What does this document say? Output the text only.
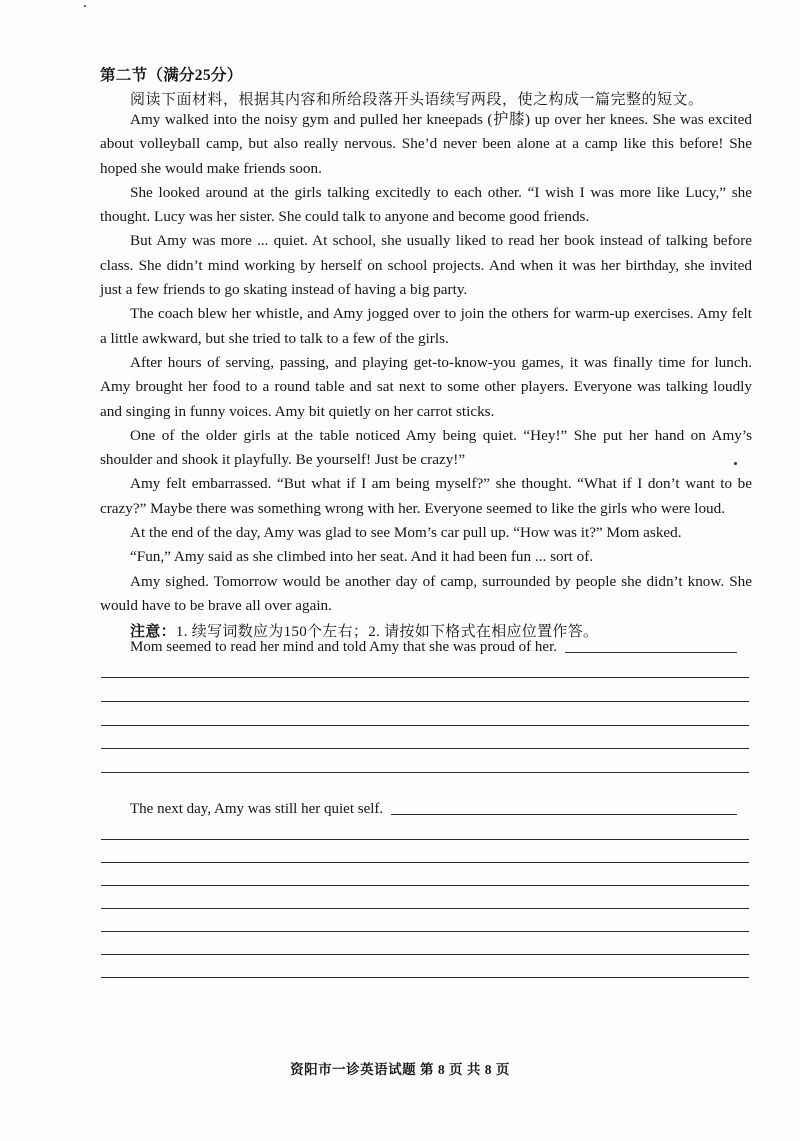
第二节（满分25分）
阅读下面材料，根据其内容和所给段落开头语续写两段，使之构成一篇完整的短文。

Amy walked into the noisy gym and pulled her kneepads (护膝) up over her knees. She was excited about volleyball camp, but also really nervous. She’d never been alone at a camp like this before! She hoped she would make friends soon.

She looked around at the girls talking excitedly to each other. “I wish I was more like Lucy,” she thought. Lucy was her sister. She could talk to anyone and become good friends.

But Amy was more ... quiet. At school, she usually liked to read her book instead of talking before class. She didn’t mind working by herself on school projects. And when it was her birthday, she invited just a few friends to go skating instead of having a big party.

The coach blew her whistle, and Amy jogged over to join the others for warm-up exercises. Amy felt a little awkward, but she tried to talk to a few of the girls.

After hours of serving, passing, and playing get-to-know-you games, it was finally time for lunch. Amy brought her food to a round table and sat next to some other players. Everyone was talking loudly and singing in funny voices. Amy bit quietly on her carrot sticks.

One of the older girls at the table noticed Amy being quiet. “Hey!” She put her hand on Amy’s shoulder and shook it playfully. Be yourself! Just be crazy!”

Amy felt embarrassed. “But what if I am being myself?” she thought. “What if I don’t want to be crazy?” Maybe there was something wrong with her. Everyone seemed to like the girls who were loud.

At the end of the day, Amy was glad to see Mom’s car pull up. “How was it?” Mom asked.

“Fun,” Amy said as she climbed into her seat. And it had been fun ... sort of.

Amy sighed. Tomorrow would be another day of camp, surrounded by people she didn’t know. She would have to be brave all over again.

注意：1. 续写词数应为150个左右；2. 请按如下格式在相应位置作答。
Mom seemed to read her mind and told Amy that she was proud of her.
The next day, Amy was still her quiet self.
资阳市一诊英语试题 第 8 页 共 8 页
